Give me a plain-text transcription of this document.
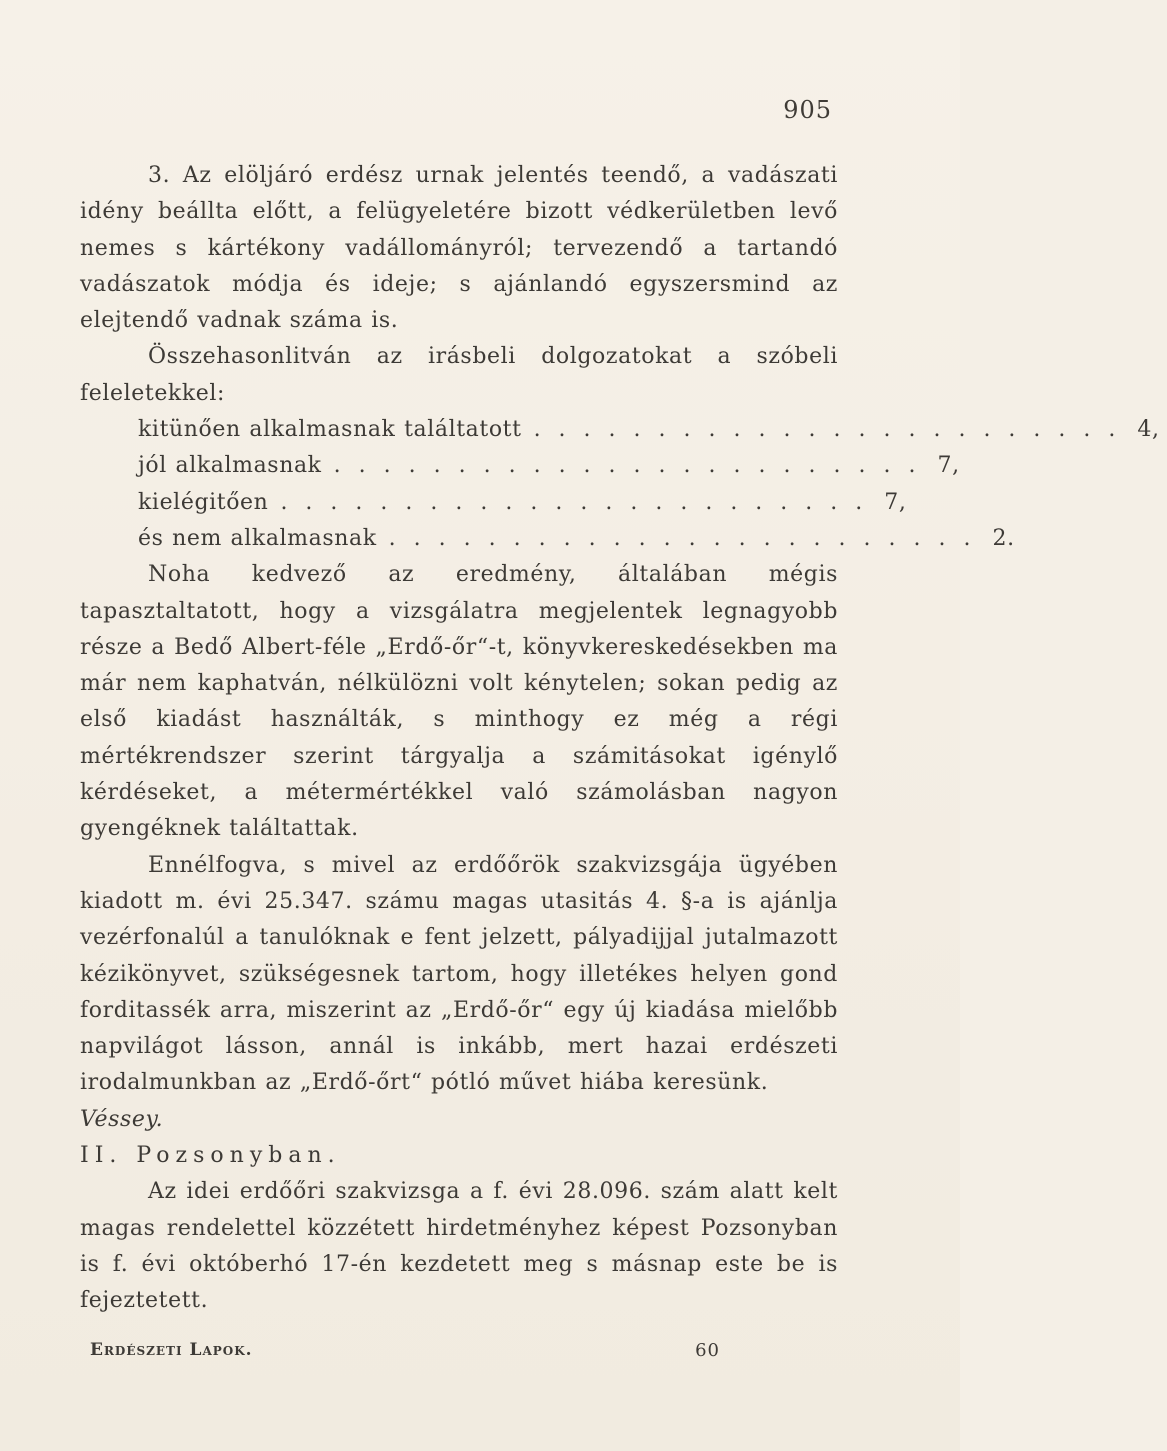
905

3. Az elöljáró erdész urnak jelentés teendő, a vadászati idény beállta előtt, a felügyeletére bizott védkerületben levő nemes s kártékony vadállományról; tervezendő a tartandó vadászatok módja és ideje; s ajánlandó egyszersmind az elejtendő vadnak száma is.

Összehasonlitván az irásbeli dolgozatokat a szóbeli feleletekkel:

kitünően alkalmasnak találtatott ........................ 4,
jól alkalmasnak ........................ 7,
kielégitően ........................ 7,
és nem alkalmasnak ........................ 2.

Noha kedvező az eredmény, általában mégis tapasztaltatott, hogy a vizsgálatra megjelentek legnagyobb része a Bedő Albert-féle „Erdő-őr“-t, könyvkereskedésekben ma már nem kaphatván, nélkülözni volt kénytelen; sokan pedig az első kiadást használták, s minthogy ez még a régi mértékrendszer szerint tárgyalja a számitásokat igénylő kérdéseket, a métermértékkel való számolásban nagyon gyengéknek találtattak.

Ennélfogva, s mivel az erdőőrök szakvizsgája ügyében kiadott m. évi 25.347. számu magas utasitás 4. §-a is ajánlja vezérfonalúl a tanulóknak e fent jelzett, pályadijjal jutalmazott kézikönyvet, szükségesnek tartom, hogy illetékes helyen gond forditassék arra, miszerint az „Erdő-őr“ egy új kiadása mielőbb napvilágot lásson, annál is inkább, mert hazai erdészeti irodalmunkban az „Erdő-őrt“ pótló művet hiába keresünk.

Véssey.

II. Pozsonyban.

Az idei erdőőri szakvizsga a f. évi 28.096. szám alatt kelt magas rendelettel közzétett hirdetményhez képest Pozsonyban is f. évi októberhó 17-én kezdetett meg s másnap este be is fejeztetett.

Erdészeti Lapok.	60
